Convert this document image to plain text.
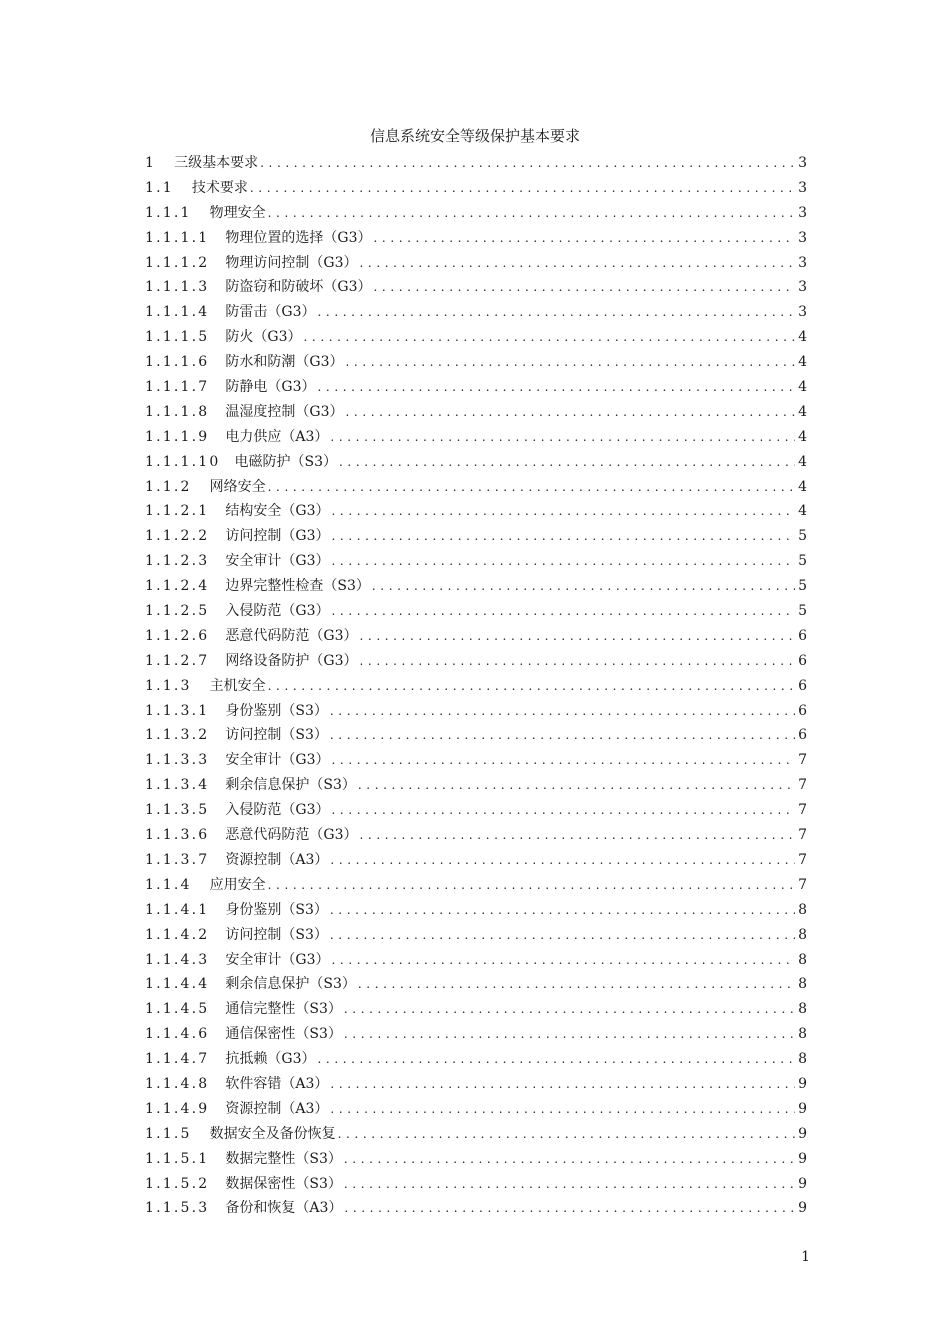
信息系统安全等级保护基本要求
1 三级基本要求 .....	3
1.1 技术要求 .....	3
1.1.1 物理安全 .....	3
1.1.1.1 物理位置的选择（G3） .....	3
1.1.1.2 物理访问控制（G3） .....	3
1.1.1.3 防盗窃和防破坏（G3） .....	3
1.1.1.4 防雷击（G3） .....	3
1.1.1.5 防火（G3） .....	4
1.1.1.6 防水和防潮（G3） .....	4
1.1.1.7 防静电（G3） .....	4
1.1.1.8 温湿度控制（G3） .....	4
1.1.1.9 电力供应（A3） .....	4
1.1.1.10 电磁防护（S3） .....	4
1.1.2 网络安全 .....	4
1.1.2.1 结构安全（G3） .....	4
1.1.2.2 访问控制（G3） .....	5
1.1.2.3 安全审计（G3） .....	5
1.1.2.4 边界完整性检查（S3） .....	5
1.1.2.5 入侵防范（G3） .....	5
1.1.2.6 恶意代码防范（G3） .....	6
1.1.2.7 网络设备防护（G3） .....	6
1.1.3 主机安全 .....	6
1.1.3.1 身份鉴别（S3） .....	6
1.1.3.2 访问控制（S3） .....	6
1.1.3.3 安全审计（G3） .....	7
1.1.3.4 剩余信息保护（S3） .....	7
1.1.3.5 入侵防范（G3） .....	7
1.1.3.6 恶意代码防范（G3） .....	7
1.1.3.7 资源控制（A3） .....	7
1.1.4 应用安全 .....	7
1.1.4.1 身份鉴别（S3） .....	8
1.1.4.2 访问控制（S3） .....	8
1.1.4.3 安全审计（G3） .....	8
1.1.4.4 剩余信息保护（S3） .....	8
1.1.4.5 通信完整性（S3） .....	8
1.1.4.6 通信保密性（S3） .....	8
1.1.4.7 抗抵赖（G3） .....	8
1.1.4.8 软件容错（A3） .....	9
1.1.4.9 资源控制（A3） .....	9
1.1.5 数据安全及备份恢复 .....	9
1.1.5.1 数据完整性（S3） .....	9
1.1.5.2 数据保密性（S3） .....	9
1.1.5.3 备份和恢复（A3） .....	9
1
